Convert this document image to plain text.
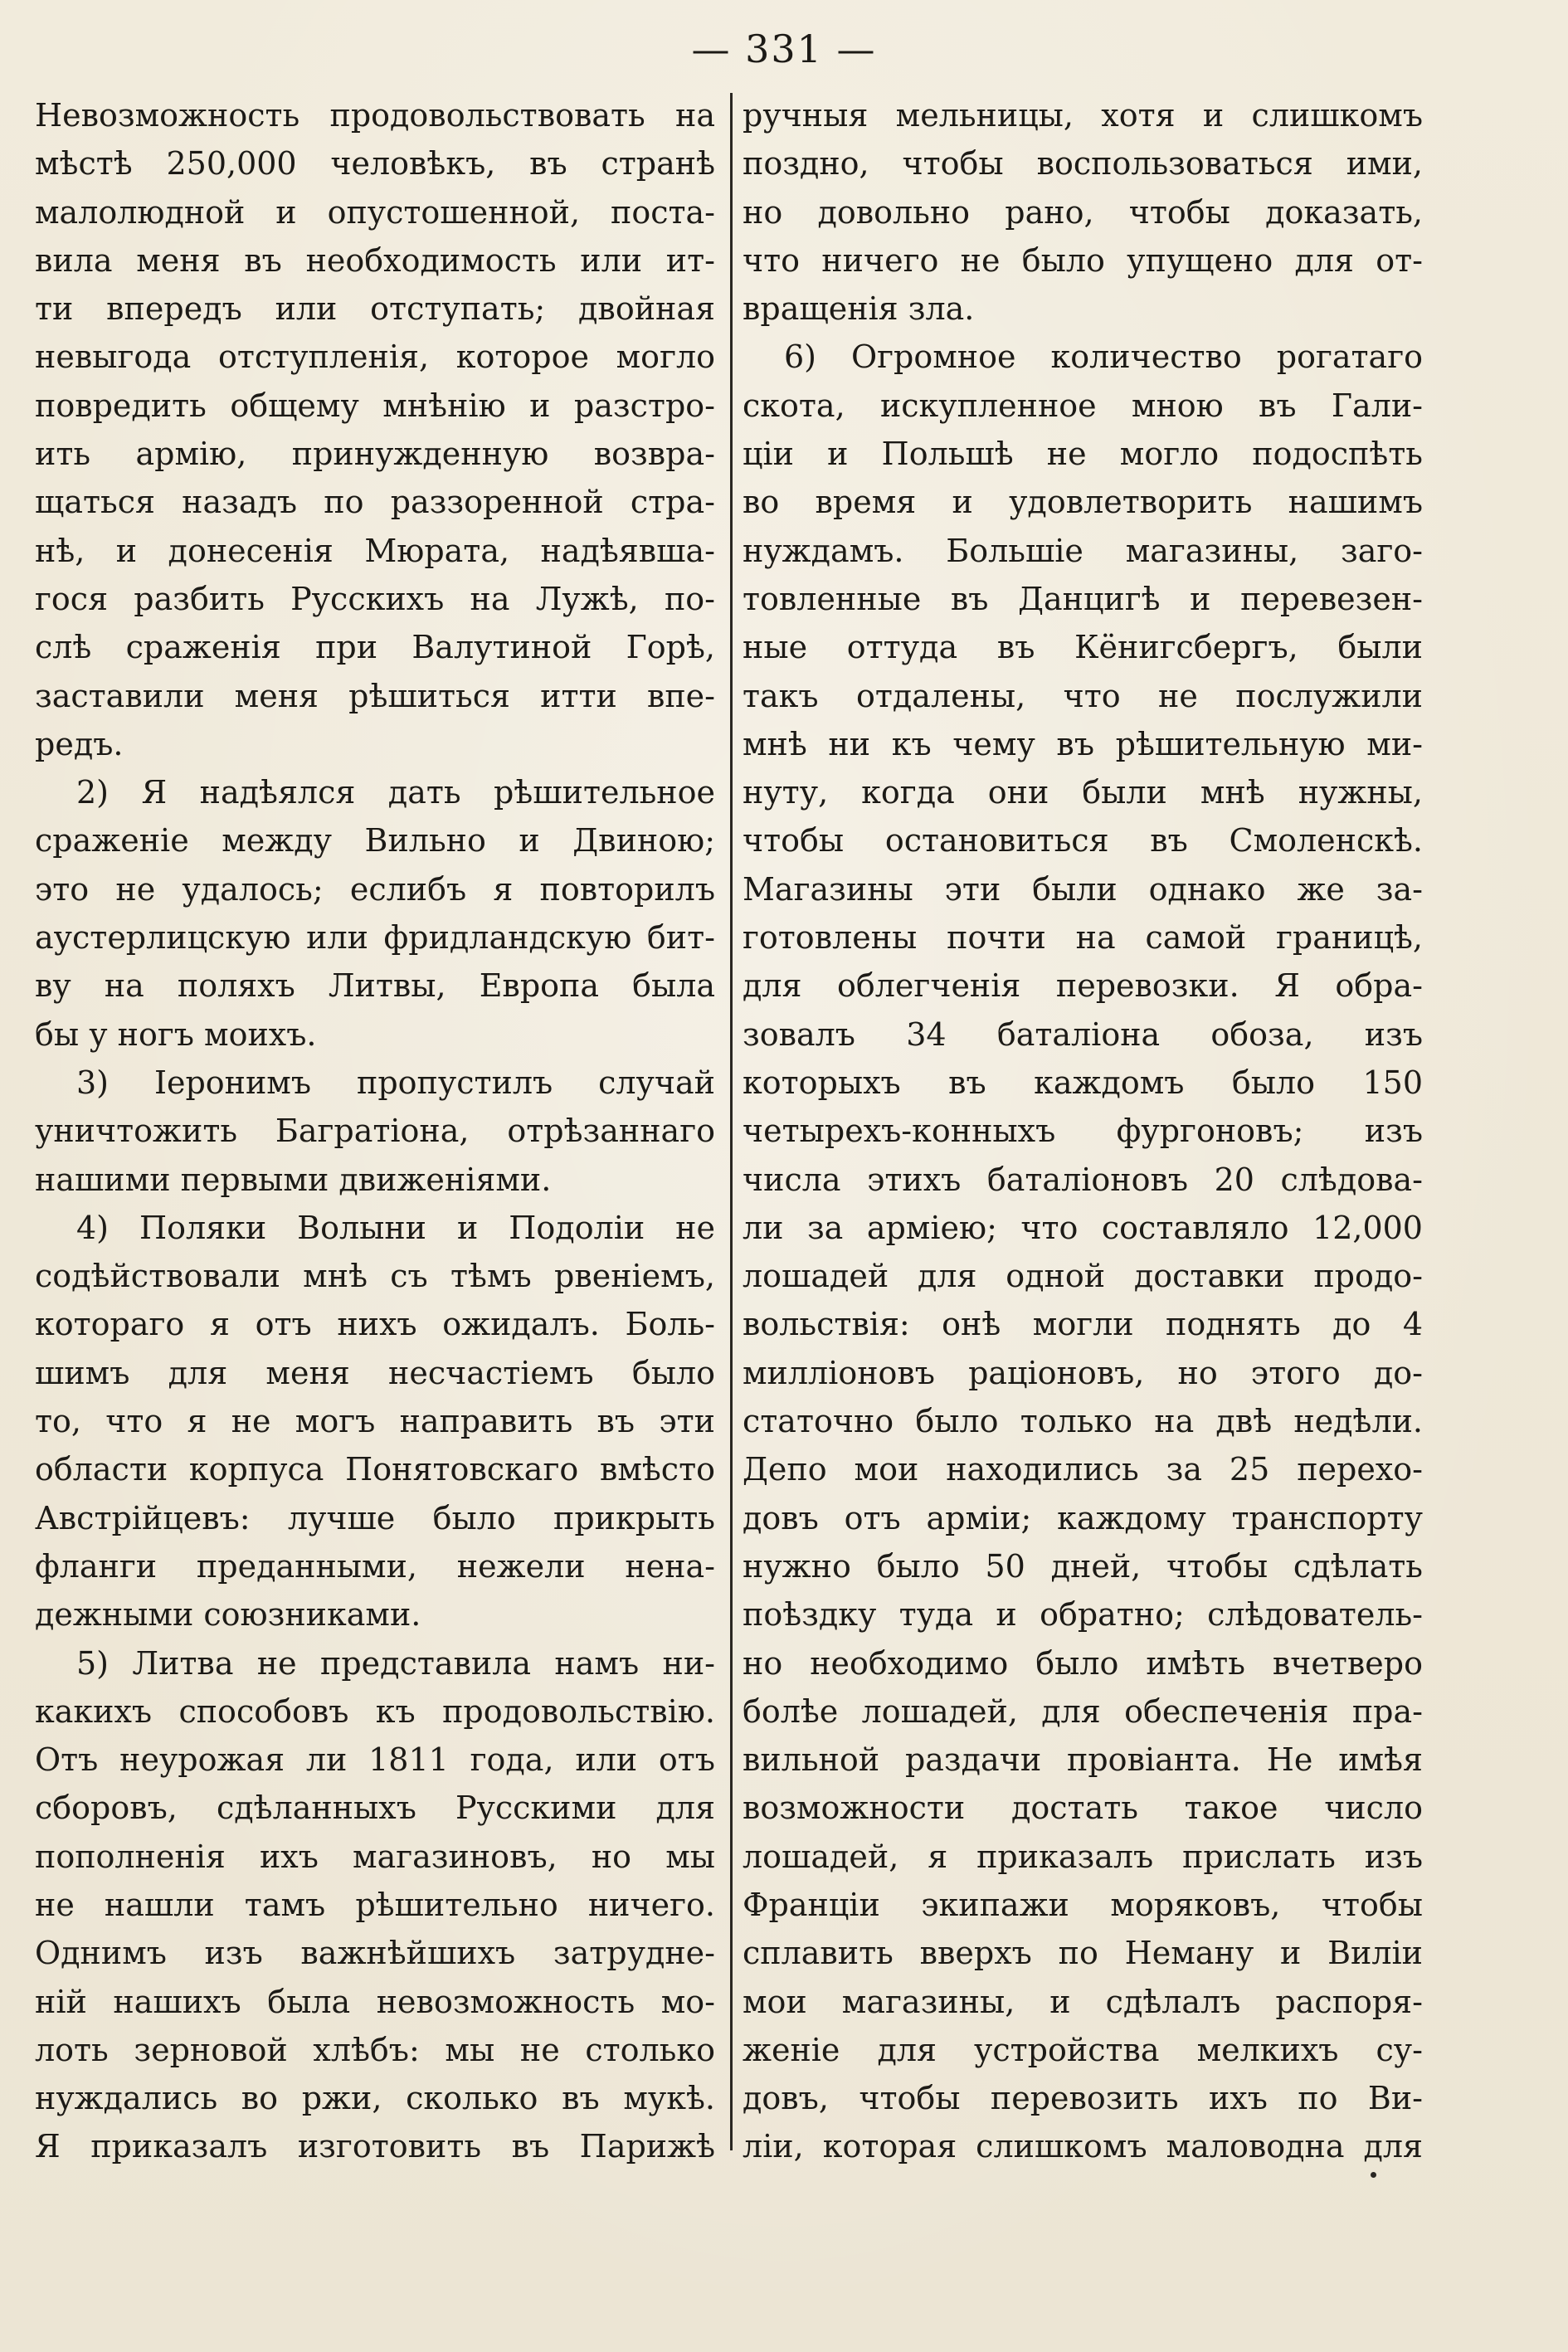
— 331 —
Невозможность продовольствовать на
мѣстѣ 250,000 человѣкъ, въ странѣ
малолюдной и опустошенной, поста-
вила меня въ необходимость или ит-
ти впередъ или отступать; двойная
невыгода отступленія, которое могло
повредить общему мнѣнію и разстро-
ить армію, принужденную возвра-
щаться назадъ по раззоренной стра-
нѣ, и донесенія Мюрата, надѣявша-
гося разбить Русскихъ на Лужѣ, по-
слѣ сраженія при Валутиной Горѣ,
заставили меня рѣшиться итти впе-
редъ.
2) Я надѣялся дать рѣшительное
сраженіе между Вильно и Двиною;
это не удалось; еслибъ я повторилъ
аустерлицскую или фридландскую бит-
ву на поляхъ Литвы, Европа была
бы у ногъ моихъ.
3) Іеронимъ пропустилъ случай
уничтожить Багратіона, отрѣзаннаго
нашими первыми движеніями.
4) Поляки Волыни и Подоліи не
содѣйствовали мнѣ съ тѣмъ рвеніемъ,
котораго я отъ нихъ ожидалъ. Боль-
шимъ для меня несчастіемъ было
то, что я не могъ направить въ эти
области корпуса Понятовскаго вмѣсто
Австрійцевъ: лучше было прикрыть
фланги преданными, нежели нена-
дежными союзниками.
5) Литва не представила намъ ни-
какихъ способовъ къ продовольствію.
Отъ неурожая ли 1811 года, или отъ
сборовъ, сдѣланныхъ Русскими для
пополненія ихъ магазиновъ, но мы
не нашли тамъ рѣшительно ничего.
Однимъ изъ важнѣйшихъ затрудне-
ній нашихъ была невозможность мо-
лоть зерновой хлѣбъ: мы не столько
нуждались во ржи, сколько въ мукѣ.
Я приказалъ изготовить въ Парижѣ
ручныя мельницы, хотя и слишкомъ
поздно, чтобы воспользоваться ими,
но довольно рано, чтобы доказать,
что ничего не было упущено для от-
вращенія зла.
6) Огромное количество рогатаго
скота, искупленное мною въ Гали-
ціи и Польшѣ не могло подоспѣть
во время и удовлетворить нашимъ
нуждамъ. Большіе магазины, заго-
товленные въ Данцигѣ и перевезен-
ные оттуда въ Кёнигсбергъ, были
такъ отдалены, что не послужили
мнѣ ни къ чему въ рѣшительную ми-
нуту, когда они были мнѣ нужны,
чтобы остановиться въ Смоленскѣ.
Магазины эти были однако же за-
готовлены почти на самой границѣ,
для облегченія перевозки. Я обра-
зовалъ 34 баталіона обоза, изъ
которыхъ въ каждомъ было 150
четырехъ-конныхъ фургоновъ; изъ
числа этихъ баталіоновъ 20 слѣдова-
ли за арміею; что составляло 12,000
лошадей для одной доставки продо-
вольствія: онѣ могли поднять до 4
милліоновъ раціоновъ, но этого до-
статочно было только на двѣ недѣли.
Депо мои находились за 25 перехо-
довъ отъ арміи; каждому транспорту
нужно было 50 дней, чтобы сдѣлать
поѣздку туда и обратно; слѣдователь-
но необходимо было имѣть вчетверо
болѣе лошадей, для обеспеченія пра-
вильной раздачи провіанта. Не имѣя
возможности достать такое число
лошадей, я приказалъ прислать изъ
Франціи экипажи моряковъ, чтобы
сплавить вверхъ по Неману и Виліи
мои магазины, и сдѣлалъ распоря-
женіе для устройства мелкихъ су-
довъ, чтобы перевозить ихъ по Ви-
ліи, которая слишкомъ маловодна для
